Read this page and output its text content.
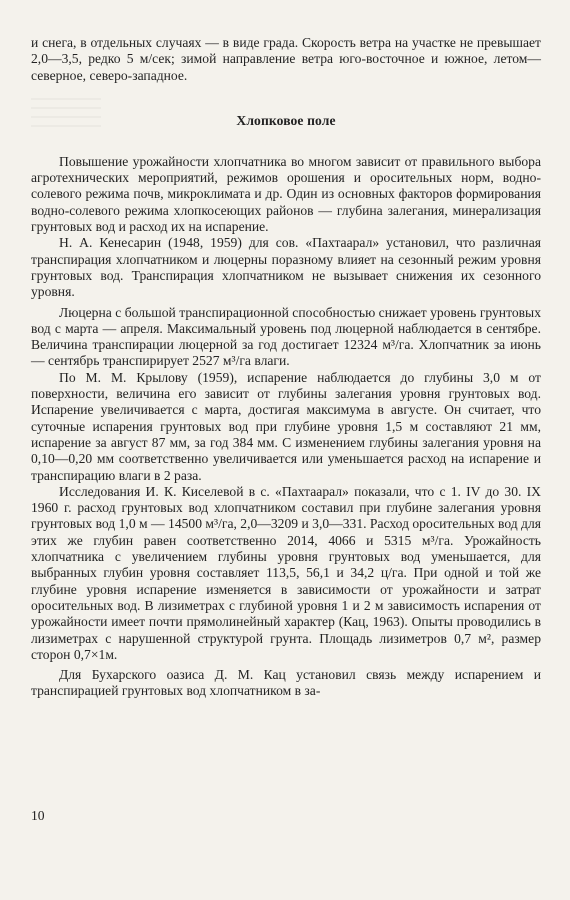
и снега, в отдельных случаях — в виде града. Скорость ветра на участке не превышает 2,0—3,5, редко 5 м/сек; зимой направление ветра юго-восточное и южное, летом—северное, северо-западное.

Хлопковое поле

Повышение урожайности хлопчатника во многом зависит от правильного выбора агротехнических мероприятий, режимов орошения и оросительных норм, водно-солевого режима почв, микроклимата и др. Один из основных факторов формирования водно-солевого режима хлопкосеющих районов — глубина залегания, минерализация грунтовых вод и расход их на испарение.

Н. А. Кенесарин (1948, 1959) для сов. «Пахтаарал» установил, что различная транспирация хлопчатником и люцерны поразному влияет на сезонный режим уровня грунтовых вод. Транспирация хлопчатником не вызывает снижения их сезонного уровня.

Люцерна с большой транспирационной способностью снижает уровень грунтовых вод с марта — апреля. Максимальный уровень под люцерной наблюдается в сентябре. Величина транспирации люцерной за год достигает 12324 м³/га. Хлопчатник за июнь — сентябрь транспирирует 2527 м³/га влаги.

По М. М. Крылову (1959), испарение наблюдается до глубины 3,0 м от поверхности, величина его зависит от глубины залегания уровня грунтовых вод. Испарение увеличивается с марта, достигая максимума в августе. Он считает, что суточные испарения грунтовых вод при глубине уровня 1,5 м составляют 21 мм, испарение за август 87 мм, за год 384 мм. С изменением глубины залегания уровня на 0,10—0,20 мм соответственно увеличивается или уменьшается расход на испарение и транспирацию влаги в 2 раза.

Исследования И. К. Киселевой в с. «Пахтаарал» показали, что с 1. IV до 30. IX 1960 г. расход грунтовых вод хлопчатником составил при глубине залегания уровня грунтовых вод 1,0 м — 14500 м³/га, 2,0—3209 и 3,0—331. Расход оросительных вод для этих же глубин равен соответственно 2014, 4066 и 5315 м³/га. Урожайность хлопчатника с увеличением глубины уровня грунтовых вод уменьшается, для выбранных глубин уровня составляет 113,5, 56,1 и 34,2 ц/га. При одной и той же глубине уровня испарение изменяется в зависимости от урожайности и затрат оросительных вод. В лизиметрах с глубиной уровня 1 и 2 м зависимость испарения от урожайности имеет почти прямолинейный характер (Кац, 1963). Опыты проводились в лизиметрах с нарушенной структурой грунта. Площадь лизиметров 0,7 м², размер сторон 0,7×1м.

Для Бухарского оазиса Д. М. Кац установил связь между испарением и транспирацией грунтовых вод хлопчатником в за-

10
